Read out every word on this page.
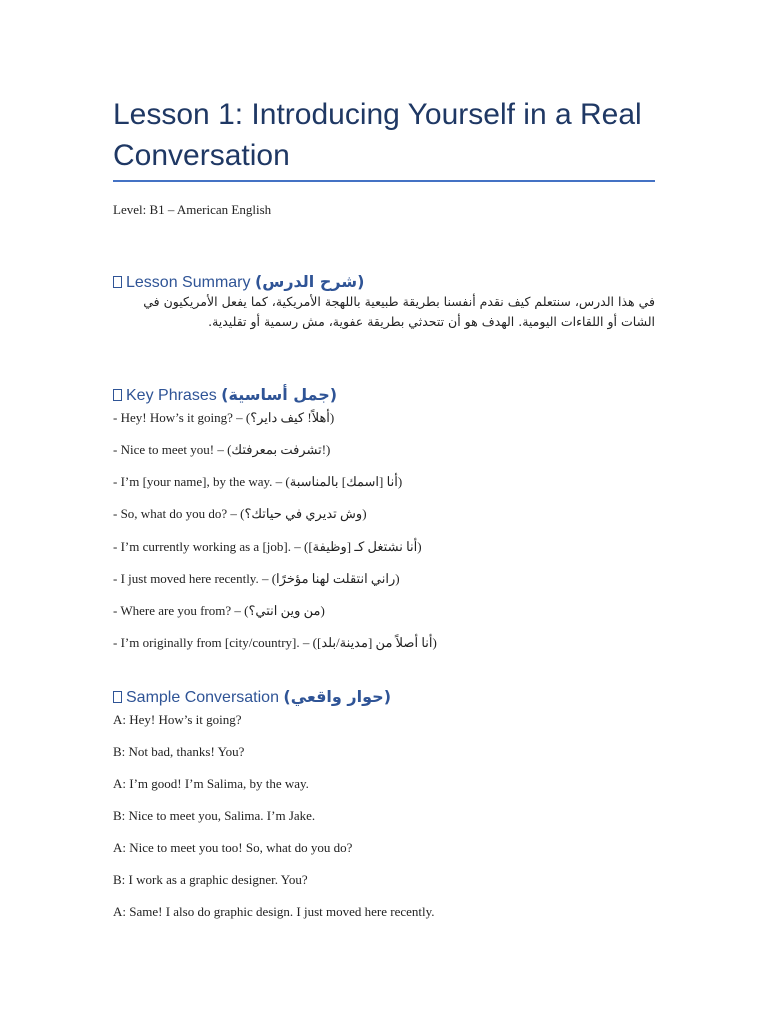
Lesson 1: Introducing Yourself in a Real Conversation
Level: B1 – American English
Lesson Summary (شرح الدرس)
في هذا الدرس، سنتعلم كيف نقدم أنفسنا بطريقة طبيعية باللهجة الأمريكية، كما يفعل الأمريكيون في الشات أو اللقاءات اليومية. الهدف هو أن تتحدثي بطريقة عفوية، مش رسمية أو تقليدية.
Key Phrases (جمل أساسية)
- Hey! How’s it going? – (أهلاً! كيف داير؟)
- Nice to meet you! – (تشرفت بمعرفتك!)
- I’m [your name], by the way. – (أنا [اسمك] بالمناسبة)
- So, what do you do? – (وش تديري في حياتك؟)
- I’m currently working as a [job]. – (أنا نشتغل كـ [وظيفة])
- I just moved here recently. – (راني انتقلت لهنا مؤخرًا)
- Where are you from? – (من وين انتي؟)
- I’m originally from [city/country]. – (أنا أصلاً من [مدينة/بلد])
Sample Conversation (حوار واقعي)
A: Hey! How’s it going?
B: Not bad, thanks! You?
A: I’m good! I’m Salima, by the way.
B: Nice to meet you, Salima. I’m Jake.
A: Nice to meet you too! So, what do you do?
B: I work as a graphic designer. You?
A: Same! I also do graphic design. I just moved here recently.
